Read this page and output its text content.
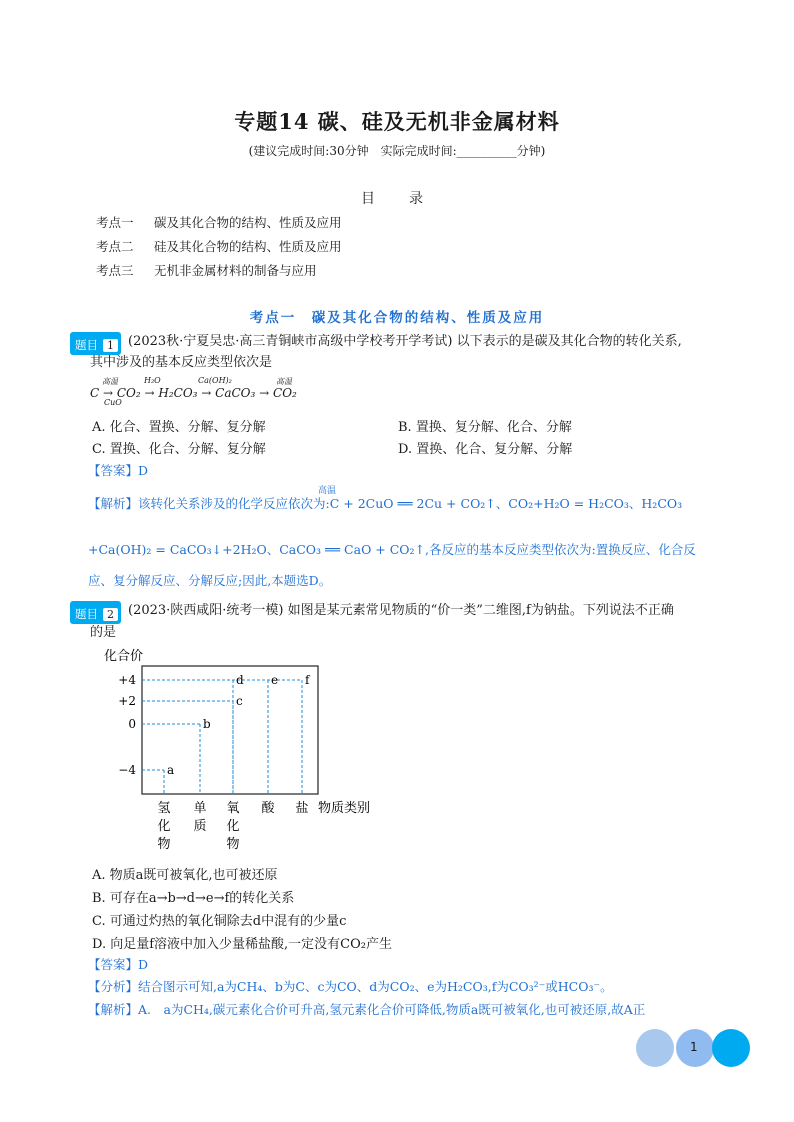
专题14 碳、硅及无机非金属材料
(建议完成时间:30分钟　实际完成时间:__________分钟)
目　录
考点一 碳及其化合物的结构、性质及应用
考点二 硅及其化合物的结构、性质及应用
考点三 无机非金属材料的制备与应用
考点一　碳及其化合物的结构、性质及应用
题目 1	(2023秋·宁夏吴忠·高三青铜峡市高级中学校考开学考试) 以下表示的是碳及其化合物的转化关系,
其中涉及的基本反应类型依次是
高温
CuO
H₂O	Ca(OH)₂	高温
C → CO₂ → H₂CO₃ → CaCO₃ → CO₂
A. 化合、置换、分解、复分解	B. 置换、复分解、化合、分解
C. 置换、化合、分解、复分解	D. 置换、化合、复分解、分解
【答案】D
【解析】该转化关系涉及的化学反应依次为:C + 2CuO ══ 2Cu + CO₂↑、CO₂+H₂O = H₂CO₃、H₂CO₃
高温
+Ca(OH)₂ = CaCO₃↓+2H₂O、CaCO₃ ══ CaO + CO₂↑,各反应的基本反应类型依次为:置换反应、化合反
应、复分解反应、分解反应;因此,本题选D。
题目 2	(2023·陕西咸阳·统考一模) 如图是某元素常见物质的“价一类”二维图,f为钠盐。下列说法不正确
的是
化合价
+4
+2
0
−4	a
b
c
d e f
氢
化
物
单
质
氧
化
物
酸 盐 物质类别
A. 物质a既可被氧化,也可被还原
B. 可存在a→b→d→e→f的转化关系
C. 可通过灼热的氧化铜除去d中混有的少量c
D. 向足量f溶液中加入少量稀盐酸,一定没有CO₂产生
【答案】D
【分析】结合图示可知,a为CH₄、b为C、c为CO、d为CO₂、e为H₂CO₃,f为CO₃²⁻或HCO₃⁻。
【解析】A.　a为CH₄,碳元素化合价可升高,氢元素化合价可降低,物质a既可被氧化,也可被还原,故A正
1
